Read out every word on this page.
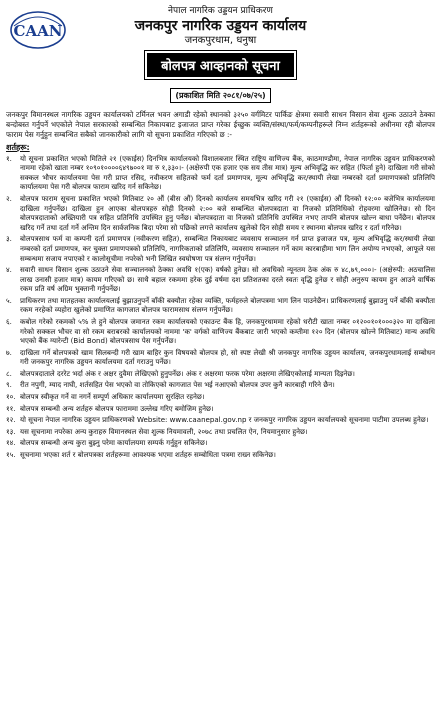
CAAN
नेपाल नागरिक उड्डयन प्राधिकरण
जनकपुर नागरिक उड्डयन कार्यालय
जनकपुरधाम, धनुषा
बोलपत्र आव्हानको सूचना
(प्रकाशित मिति २०८१/०७/२५)
जनकपुर विमानस्थल नागरिक उड्डयन कार्यालयको टर्मिनल भवन अगाडी रहेको स्थानको ३२५० वर्गमिटर पार्किङ क्षेत्रमा सवारी साधन विसान सेवा शुल्क उठाउने ठेक्का बन्दोबस्त गर्नुपर्ने भएकोले नेपाल सरकारको सम्बन्धित निकायबाट इजाजत प्राप्त गरेका ईच्छुक व्यक्ति/संस्था/फर्म/कम्पनीहरूले निम्न शर्तहरूको अधीनमा रही बोलपत्र फाराम पेस गर्नुहुन सम्बन्धित सबैको जानकारीको लागि यो सूचना प्रकाशित गरिएको छ :-
शर्तहरू:
१.	यो सूचना प्रकाशित भएको मितिले २१ (एकाईस) दिनभित्र कार्यालयको विशालबजार स्थित राष्ट्रिय वाणिज्य बैंक, काठमाण्डौमा, नेपाल नागरिक उड्डयन प्राधिकरणको नाममा रहेको खाता नम्बर १०९०१००००६४९७००१ मा रु १,३३०।- (अक्षेरुपी एक हजार एक सय तीस मात्र) मूल्य अभिवृद्धि कर सहित (फिर्ता हुने) दाखिला गरी सोको सक्कल भौचर कार्यालयमा पेस गरी प्राप्त रसिद, नवीकरण सहितको फर्म दर्ता प्रमाणपत्र, मूल्य अभिवृद्धि कर/स्थायी लेखा नम्बरको दर्ता प्रमाणपत्रको प्रतिलिपि कार्यालयमा पेस गरी बोलपत्र फाराम खरिद गर्न सकिनेछ।
२.	बोलपत्र फाराम सूचना प्रकाशित भएको मितिबाट २० औं (बीस औं) दिनको कार्यालय समयभित्र खरिद गरी २१ (एकाईस) औं दिनको १२:०० बजेभित्र कार्यालयमा दाखिला गर्नुपर्नेछ। दाखिला हुन आएका बोलपत्रहरु सोही दिनको २:०० बजे सम्बन्धित बोलपत्रदाता वा निजको प्रतिनिधिको रोहवरमा खोलिनेछ। सो दिन बोलपत्रदाताको अख्तियारी पत्र सहित प्रतिनिधि उपस्थित हुनु पर्नेछ। बोलपत्रदाता वा निजको प्रतिनिधि उपस्थित नभए तापनि बोलपत्र खोल्न बाधा पर्नेछैन। बोलपत्र खरिद गर्ने तथा दर्ता गर्ने अन्तिम दिन सार्वजनिक बिदा परेमा सो पछिको लगत्ते कार्यालय खुलेको दिन सोही समय र स्थानमा बोलपत्र खरिद र दर्ता गरिनेछ।
३.	बोलपत्रसाथ फर्म वा कम्पनी दर्ता प्रमाणपत्र (नवीकरण सहित), सम्बन्धित निकायबाट व्यवसाय सञ्चालन गर्न प्राप्त इजाजत पत्र, मूल्य अभिवृद्धि कर/स्थायी लेखा नम्बरको दर्ता प्रमाणपत्र, कर चुक्ता प्रमाणपत्रको प्रतिलिपि, नागरिकताको प्रतिलिपि, व्यवसाय सञ्चालन गर्ने काम कारबाहीमा भाग लिन अयोग्य नभएको, आफूले यस सम्बन्धमा सजाय नपाएको र कालोसूचीमा नपरेको भनी लिखित स्वघोषणा पत्र संलग्न गर्नुपर्नेछ।
४.	सवारी साधन विसान शुल्क उठाउने सेवा सञ्चालनको ठेक्का अवधि १(एक) वर्षको हुनेछ। सो अवधिको न्यूनतम ठेक अंक रु ४८,७९,०००।- (अक्षेरुपी: अठचालिस लाख उनासी हजार मात्र) कायम गरिएको छ। साथै बहाल रकममा हरेक दुई वर्षमा दश प्रतिशतका दरले स्वतः वृद्धि हुनेछ र सोही अनुरुप कायम हुन आउने वार्षिक रकम प्रति वर्ष अग्रिम भुक्तानी गर्नुपर्नेछ।
५.	प्राधिकरण तथा मातहतका कार्यालयलाई बुझाउनुपर्ने बाँकी बक्यौता रहेका व्यक्ति, फर्महरुले बोलपत्रमा भाग लिन पाउनेछैन। प्राधिकरणलाई बुझाउनु पर्ने बाँकी बक्यौता रकम नरहेको व्यहोरा खुलेको प्रमाणित कागजात बोलपत्र फारामसाथ संलग्न गर्नुपर्नेछ।
६.	कबोल गरेको रकमको ५% ले हुने बोलपत्र जमानत रकम कार्यालयको एकाउन्ट बैंक हि, जनकपुरधाममा रहेको धरौटी खाता नम्बर ०१२००१०१०००३२० मा दाखिला गरेको सक्कल भौचर वा सो रकम बराबरको कार्यालयको नाममा 'क' वर्गको वाणिज्य बैंकबाट जारी भएको कम्तीमा १२० दिन (बोलपत्र खोल्ने मितिबाट) मान्य अवधि भएको बैंक ग्यारेन्टी (Bid Bond) बोलपत्रसाथ पेस गर्नुपर्नेछ।
७.	दाखिला गर्ने बोलपत्रको खाम सिलबन्दी गरी खाम बाहिर कुन विषयको बोलपत्र हो, सो स्पष्ट लेखी श्री जनकपुर नागरिक उड्डयन कार्यालय, जनकपुरधामलाई सम्बोधन गरी जनकपुर नागरिक उड्डयन कार्यालयमा दर्ता गराउनु पर्नेछ।
८.	बोलपत्रदाताले दररेट भर्दा अंक र अक्षर दुवैमा लेखिएको हुनुपर्नेछ। अंक र अक्षरमा फरक परेमा अक्षरमा लेखिएकोलाई मान्यता दिइनेछ।
९.	रीत नपुगी, म्याद नाघी, शर्तसहित पेस भएको वा तोकिएको कागजात पेस भई नआएको बोलपत्र उपर कुनै कारबाही गरिने छैन।
१०. बोलपत्र स्वीकृत गर्ने वा नगर्ने सम्पूर्ण अधिकार कार्यालयमा सुरक्षित रहनेछ।
११. बोलपत्र सम्बन्धी अन्य शर्तहरु बोलपत्र फाराममा उल्लेख गरिए बमोजिम हुनेछ।
१२. यो सूचना नेपाल नागरिक उड्डयन प्राधिकरणको Website: www.caanepal.gov.np र जनकपुर नागरिक उड्डयन कार्यालयको सूचनामा पाटीमा उपलब्ध हुनेछ।
१३. यस सूचनामा नपरेका अन्य कुराहरु विमानस्थल सेवा शुल्क नियमावली, २०७८ तथा प्रचलित ऐन, नियमानुसार हुनेछ।
१४. बोलपत्र सम्बन्धी अन्य कुरा बुझ्नु परेमा कार्यालयमा सम्पर्क गर्नुहुन सकिनेछ।
१५. सूचनामा भएका शर्त र बोलपत्रका शर्तहरूमा आवश्यक भएमा शर्तहरु सम्बोधिता पत्रमा राख्न सकिनेछ।
